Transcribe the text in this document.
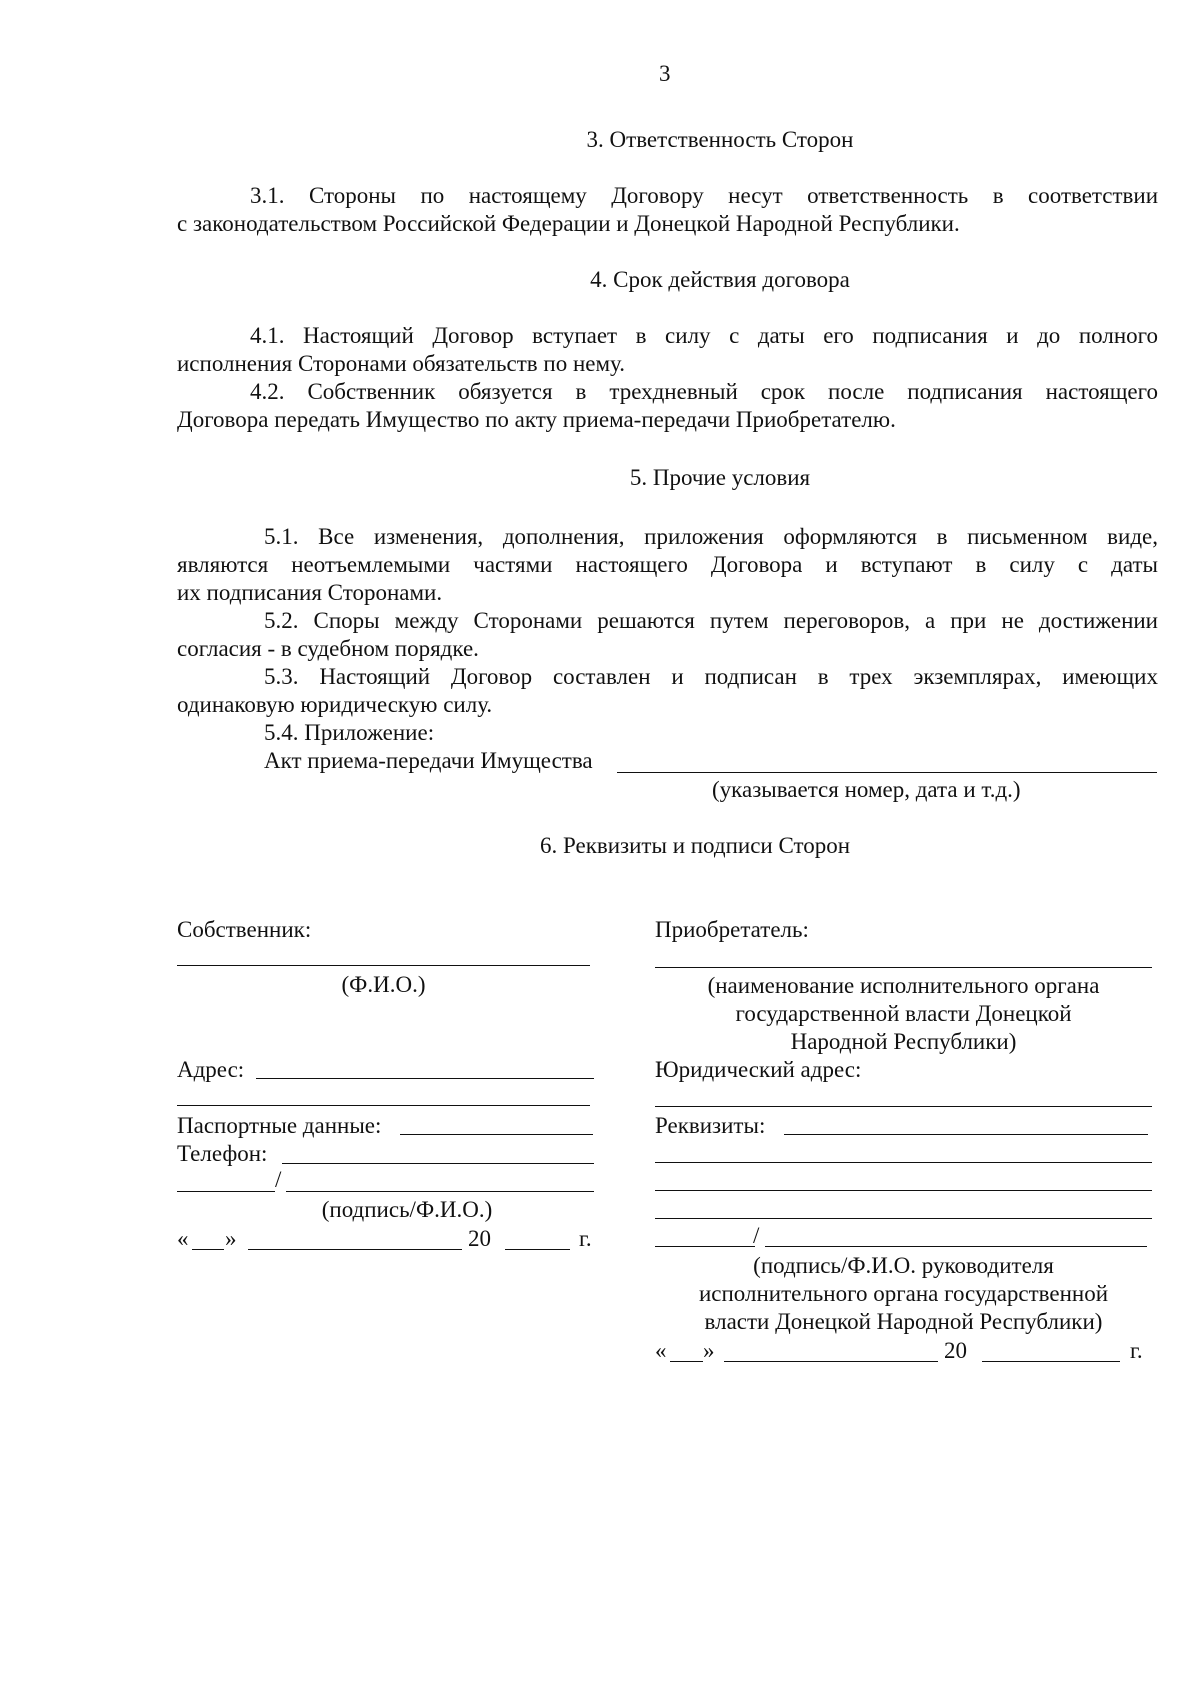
3
3. Ответственность Сторон
3.1. Стороны по настоящему Договору несут ответственность в соответствии
с законодательством Российской Федерации и Донецкой Народной Республики.
4. Срок действия договора
4.1. Настоящий Договор вступает в силу с даты его подписания и до полного
исполнения Сторонами обязательств по нему.
4.2. Собственник обязуется в трехдневный срок после подписания настоящего
Договора передать Имущество по акту приема-передачи Приобретателю.
5. Прочие условия
5.1. Все изменения, дополнения, приложения оформляются в письменном виде,
являются неотъемлемыми частями настоящего Договора и вступают в силу с даты
их подписания Сторонами.
5.2. Споры между Сторонами решаются путем переговоров, а при не достижении
согласия - в судебном порядке.
5.3. Настоящий Договор составлен и подписан в трех экземплярах, имеющих
одинаковую юридическую силу.
5.4. Приложение:
Акт приема-передачи Имущества
(указывается номер, дата и т.д.)
6. Реквизиты и подписи Сторон
Собственник:
(Ф.И.О.)
Адрес:
Паспортные данные:
Телефон:
/
(подпись/Ф.И.О.)
« »	20	г.
Приобретатель:
(наименование исполнительного органа
государственной власти Донецкой
Народной Республики)
Юридический адрес:
Реквизиты:
/
(подпись/Ф.И.О. руководителя
исполнительного органа государственной
власти Донецкой Народной Республики)
« »	20	г.
